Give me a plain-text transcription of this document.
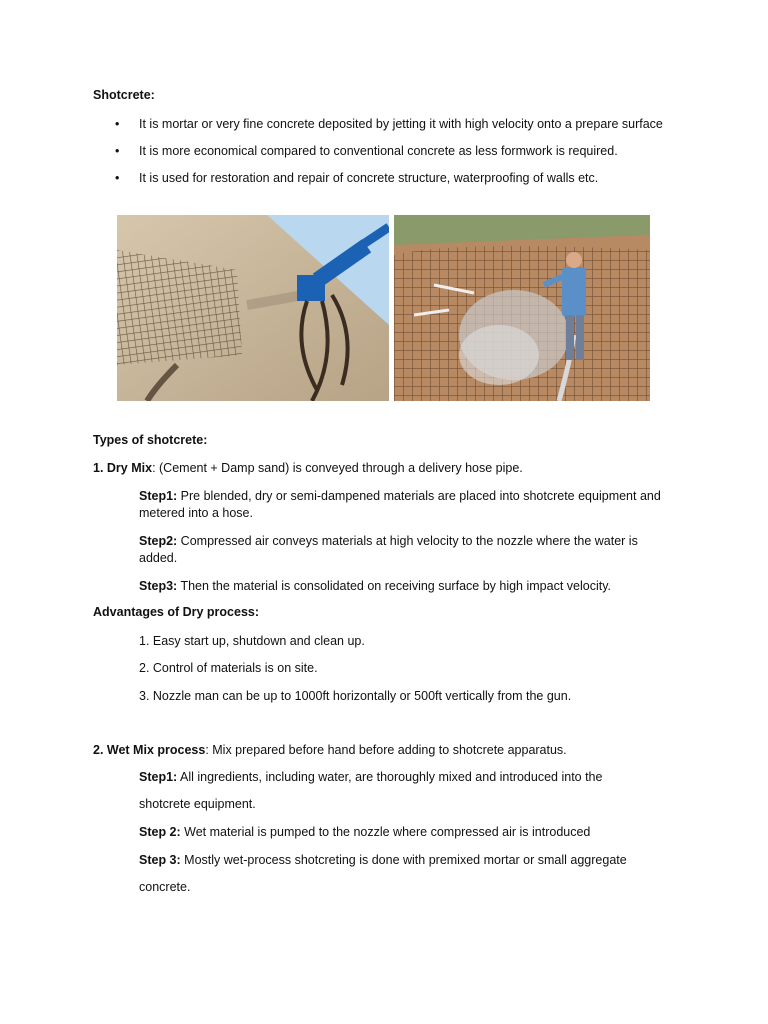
Shotcrete:
• It is mortar or very fine concrete deposited by jetting it with high velocity onto a prepare surface
• It is more economical compared to conventional concrete as less formwork is required.
• It is used for restoration and repair of concrete structure, waterproofing of walls etc.
Types of shotcrete:
1. Dry Mix: (Cement + Damp sand) is conveyed through a delivery hose pipe.
Step1: Pre blended, dry or semi-dampened materials are placed into shotcrete equipment and metered into a hose.
Step2: Compressed air conveys materials at high velocity to the nozzle where the water is added.
Step3: Then the material is consolidated on receiving surface by high impact velocity.
Advantages of Dry process:
1. Easy start up, shutdown and clean up.
2. Control of materials is on site.
3. Nozzle man can be up to 1000ft horizontally or 500ft vertically from the gun.
2. Wet Mix process: Mix prepared before hand before adding to shotcrete apparatus.
Step1: All ingredients, including water, are thoroughly mixed and introduced into the
shotcrete equipment.
Step 2: Wet material is pumped to the nozzle where compressed air is introduced
Step 3: Mostly wet-process shotcreting is done with premixed mortar or small aggregate
concrete.
